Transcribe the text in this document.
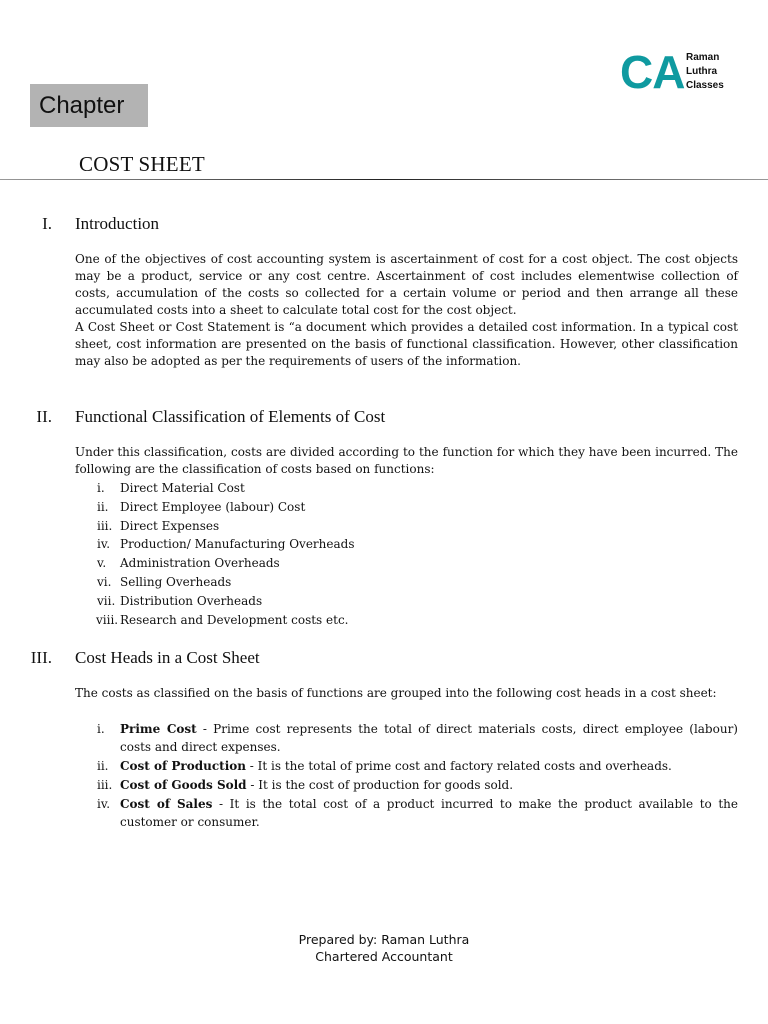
Chapter
CA Raman
Luthra
Classes
COST SHEET
I. Introduction

One of the objectives of cost accounting system is ascertainment of cost for a cost object. The cost objects may be a product, service or any cost centre. Ascertainment of cost includes elementwise collection of costs, accumulation of the costs so collected for a certain volume or period and then arrange all these accumulated costs into a sheet to calculate total cost for the cost object.

A Cost Sheet or Cost Statement is “a document which provides a detailed cost information. In a typical cost sheet, cost information are presented on the basis of functional classification. However, other classification may also be adopted as per the requirements of users of the information.

II. Functional Classification of Elements of Cost
Under this classification, costs are divided according to the function for which they have been incurred. The following are the classification of costs based on functions:
i.	Direct Material Cost
ii. Direct Employee (labour) Cost
iii. Direct Expenses
iv. Production/ Manufacturing Overheads
v.	Administration Overheads
vi. Selling Overheads
vii. Distribution Overheads
viii. Research and Development costs etc.
III. Cost Heads in a Cost Sheet
The costs as classified on the basis of functions are grouped into the following cost heads in a cost sheet:
i.	Prime Cost - Prime cost represents the total of direct materials costs, direct employee (labour) costs and direct expenses.
ii. Cost of Production - It is the total of prime cost and factory related costs and overheads.
iii. Cost of Goods Sold - It is the cost of production for goods sold.
iv. Cost of Sales - It is the total cost of a product incurred to make the product available to the customer or consumer.
Prepared by: Raman Luthra
Chartered Accountant
